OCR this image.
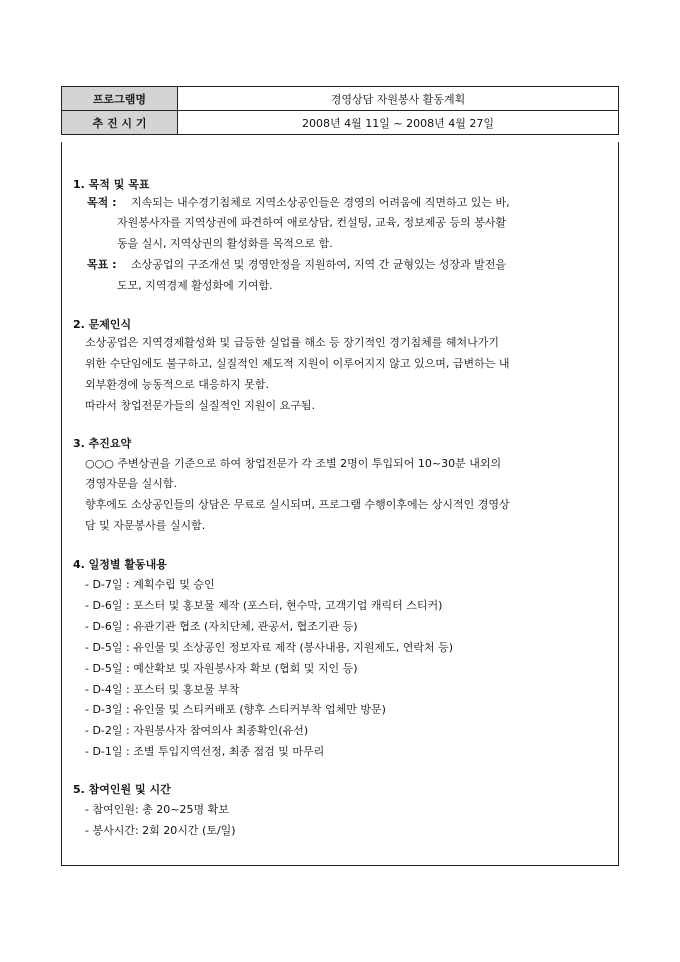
프로그램명	경영상담 자원봉사 활동계획
추 진 시 기	2008년 4월 11일 ~ 2008년 4월 27일
1. 목적 및 목표
목적 : 지속되는 내수경기침체로 지역소상공인들은 경영의 어려움에 직면하고 있는 바,
자원봉사자를 지역상권에 파견하여 애로상담, 컨설팅, 교육, 정보제공 등의 봉사활
동을 실시, 지역상권의 활성화를 목적으로 함.
목표 : 소상공업의 구조개선 및 경영안정을 지원하여, 지역 간 균형있는 성장과 발전을
도모, 지역경제 활성화에 기여함.
2. 문제인식
소상공업은 지역경제활성화 및 급등한 실업률 해소 등 장기적인 경기침체를 헤쳐나가기
위한 수단임에도 불구하고, 실질적인 제도적 지원이 이루어지지 않고 있으며, 급변하는 내
외부환경에 능동적으로 대응하지 못함.
따라서 창업전문가들의 실질적인 지원이 요구됨.
3. 추진요약
○○○ 주변상권을 기준으로 하여 창업전문가 각 조별 2명이 투입되어 10~30분 내외의
경영자문을 실시함.
향후에도 소상공인들의 상담은 무료로 실시되며, 프로그램 수행이후에는 상시적인 경영상
담 및 자문봉사를 실시함.
4. 일정별 활동내용
- D-7일 : 계획수립 및 승인
- D-6일 : 포스터 및 홍보물 제작 (포스터, 현수막, 고객기업 캐릭터 스티커)
- D-6일 : 유관기관 협조 (자치단체, 관공서, 협조기관 등)
- D-5일 : 유인물 및 소상공인 정보자료 제작 (봉사내용, 지원제도, 연락처 등)
- D-5일 : 예산확보 및 자원봉사자 확보 (협회 및 지인 등)
- D-4일 : 포스터 및 홍보물 부착
- D-3일 : 유인물 및 스티커배포 (향후 스티커부착 업체만 방문)
- D-2일 : 자원봉사자 참여의사 최종확인(유선)
- D-1일 : 조별 투입지역선정, 최종 점검 및 마무리
5. 참여인원 및 시간
- 참여인원: 총 20~25명 확보
- 봉사시간: 2회 20시간 (토/일)
